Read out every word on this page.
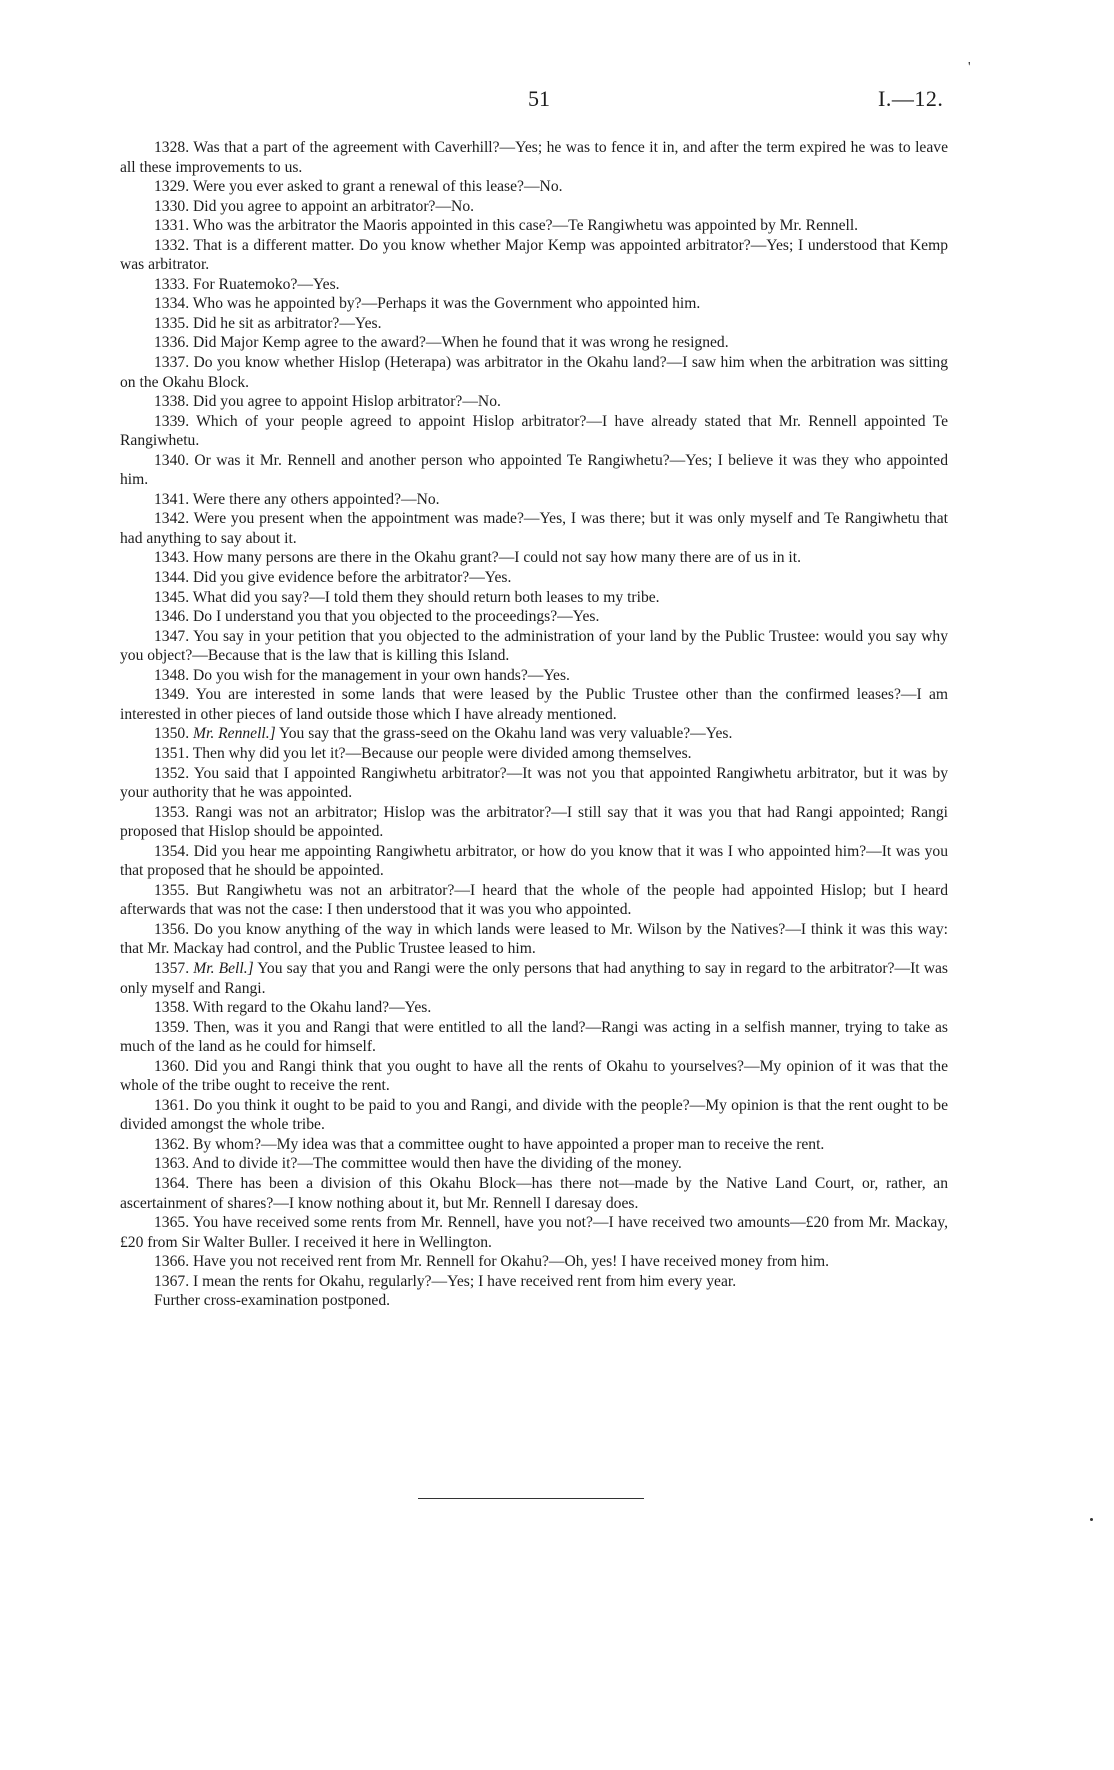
'
51	I.—12.

1328. Was that a part of the agreement with Caverhill?—Yes; he was to fence it in, and after the term expired he was to leave all these improvements to us.

1329. Were you ever asked to grant a renewal of this lease?—No.

1330. Did you agree to appoint an arbitrator?—No.

1331. Who was the arbitrator the Maoris appointed in this case?—Te Rangiwhetu was appointed by Mr. Rennell.

1332. That is a different matter. Do you know whether Major Kemp was appointed arbitrator?—Yes; I understood that Kemp was arbitrator.

1333. For Ruatemoko?—Yes.

1334. Who was he appointed by?—Perhaps it was the Government who appointed him.

1335. Did he sit as arbitrator?—Yes.

1336. Did Major Kemp agree to the award?—When he found that it was wrong he resigned.

1337. Do you know whether Hislop (Heterapa) was arbitrator in the Okahu land?—I saw him when the arbitration was sitting on the Okahu Block.

1338. Did you agree to appoint Hislop arbitrator?—No.

1339. Which of your people agreed to appoint Hislop arbitrator?—I have already stated that Mr. Rennell appointed Te Rangiwhetu.

1340. Or was it Mr. Rennell and another person who appointed Te Rangiwhetu?—Yes; I believe it was they who appointed him.

1341. Were there any others appointed?—No.

1342. Were you present when the appointment was made?—Yes, I was there; but it was only myself and Te Rangiwhetu that had anything to say about it.

1343. How many persons are there in the Okahu grant?—I could not say how many there are of us in it.

1344. Did you give evidence before the arbitrator?—Yes.

1345. What did you say?—I told them they should return both leases to my tribe.

1346. Do I understand you that you objected to the proceedings?—Yes.

1347. You say in your petition that you objected to the administration of your land by the Public Trustee: would you say why you object?—Because that is the law that is killing this Island.

1348. Do you wish for the management in your own hands?—Yes.

1349. You are interested in some lands that were leased by the Public Trustee other than the confirmed leases?—I am interested in other pieces of land outside those which I have already mentioned.

1350. Mr. Rennell.] You say that the grass-seed on the Okahu land was very valuable?—Yes.

1351. Then why did you let it?—Because our people were divided among themselves.

1352. You said that I appointed Rangiwhetu arbitrator?—It was not you that appointed Rangiwhetu arbitrator, but it was by your authority that he was appointed.

1353. Rangi was not an arbitrator; Hislop was the arbitrator?—I still say that it was you that had Rangi appointed; Rangi proposed that Hislop should be appointed.

1354. Did you hear me appointing Rangiwhetu arbitrator, or how do you know that it was I who appointed him?—It was you that proposed that he should be appointed.

1355. But Rangiwhetu was not an arbitrator?—I heard that the whole of the people had appointed Hislop; but I heard afterwards that was not the case: I then understood that it was you who appointed.

1356. Do you know anything of the way in which lands were leased to Mr. Wilson by the Natives?—I think it was this way: that Mr. Mackay had control, and the Public Trustee leased to him.

1357. Mr. Bell.] You say that you and Rangi were the only persons that had anything to say in regard to the arbitrator?—It was only myself and Rangi.

1358. With regard to the Okahu land?—Yes.

1359. Then, was it you and Rangi that were entitled to all the land?—Rangi was acting in a selfish manner, trying to take as much of the land as he could for himself.

1360. Did you and Rangi think that you ought to have all the rents of Okahu to yourselves?—My opinion of it was that the whole of the tribe ought to receive the rent.

1361. Do you think it ought to be paid to you and Rangi, and divide with the people?—My opinion is that the rent ought to be divided amongst the whole tribe.

1362. By whom?—My idea was that a committee ought to have appointed a proper man to receive the rent.

1363. And to divide it?—The committee would then have the dividing of the money.

1364. There has been a division of this Okahu Block—has there not—made by the Native Land Court, or, rather, an ascertainment of shares?—I know nothing about it, but Mr. Rennell I daresay does.

1365. You have received some rents from Mr. Rennell, have you not?—I have received two amounts—£20 from Mr. Mackay, £20 from Sir Walter Buller. I received it here in Wellington.

1366. Have you not received rent from Mr. Rennell for Okahu?—Oh, yes! I have received money from him.

1367. I mean the rents for Okahu, regularly?—Yes; I have received rent from him every year.

Further cross-examination postponed.
